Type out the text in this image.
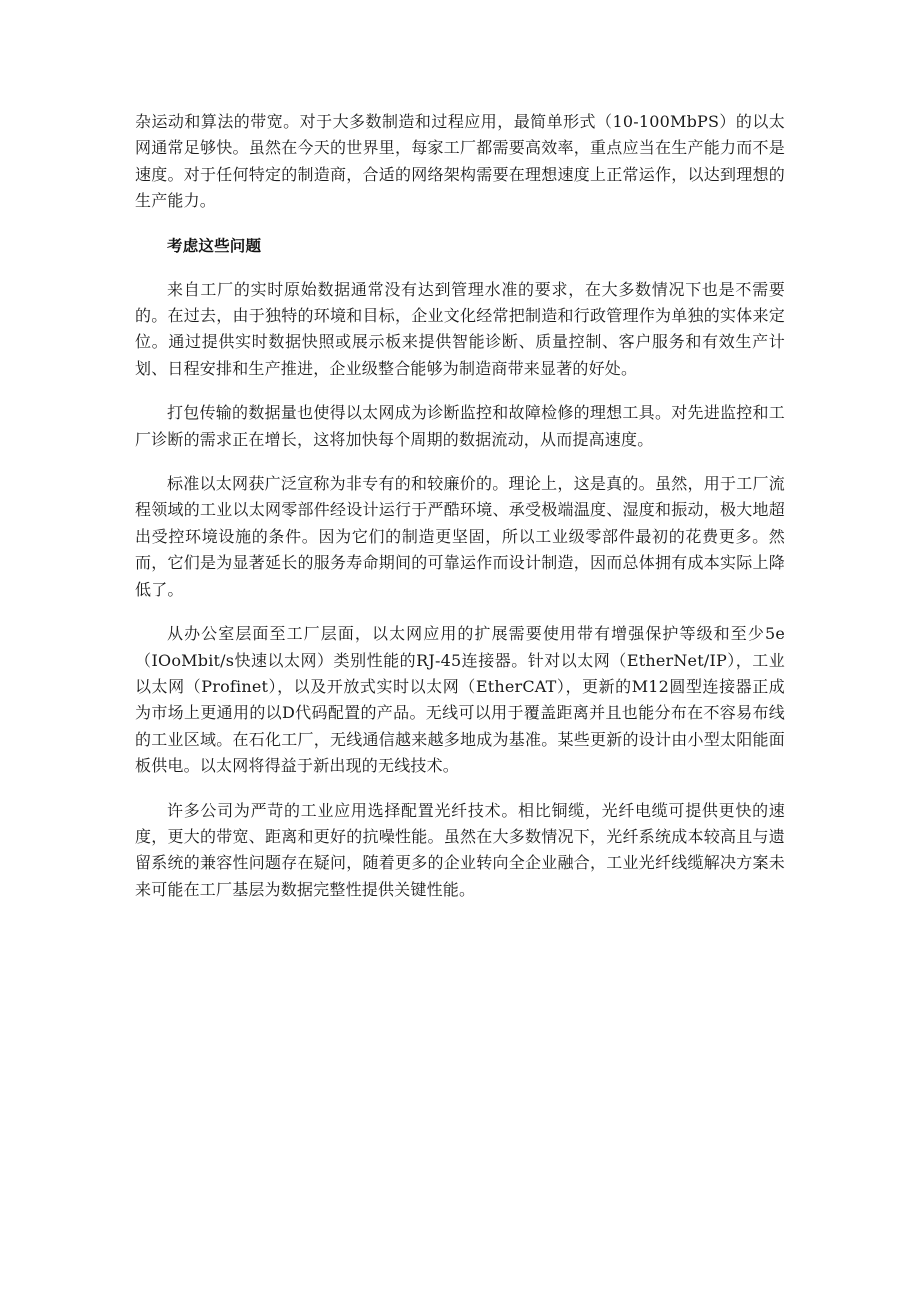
杂运动和算法的带宽。对于大多数制造和过程应用，最简单形式（10-100MbPS）的以太网通常足够快。虽然在今天的世界里，每家工厂都需要高效率，重点应当在生产能力而不是速度。对于任何特定的制造商，合适的网络架构需要在理想速度上正常运作，以达到理想的生产能力。

考虑这些问题

来自工厂的实时原始数据通常没有达到管理水准的要求，在大多数情况下也是不需要的。在过去，由于独特的环境和目标，企业文化经常把制造和行政管理作为单独的实体来定位。通过提供实时数据快照或展示板来提供智能诊断、质量控制、客户服务和有效生产计划、日程安排和生产推进，企业级整合能够为制造商带来显著的好处。

打包传输的数据量也使得以太网成为诊断监控和故障检修的理想工具。对先进监控和工厂诊断的需求正在增长，这将加快每个周期的数据流动，从而提高速度。

标准以太网获广泛宣称为非专有的和较廉价的。理论上，这是真的。虽然，用于工厂流程领域的工业以太网零部件经设计运行于严酷环境、承受极端温度、湿度和振动，极大地超出受控环境设施的条件。因为它们的制造更坚固，所以工业级零部件最初的花费更多。然而，它们是为显著延长的服务寿命期间的可靠运作而设计制造，因而总体拥有成本实际上降低了。

从办公室层面至工厂层面，以太网应用的扩展需要使用带有增强保护等级和至少5e（IOoMbit/s快速以太网）类别性能的RJ-45连接器。针对以太网（EtherNet/IP），工业以太网（Profinet），以及开放式实时以太网（EtherCAT），更新的M12圆型连接器正成为市场上更通用的以D代码配置的产品。无线可以用于覆盖距离并且也能分布在不容易布线的工业区域。在石化工厂，无线通信越来越多地成为基准。某些更新的设计由小型太阳能面板供电。以太网将得益于新出现的无线技术。

许多公司为严苛的工业应用选择配置光纤技术。相比铜缆，光纤电缆可提供更快的速度，更大的带宽、距离和更好的抗噪性能。虽然在大多数情况下，光纤系统成本较高且与遗留系统的兼容性问题存在疑问，随着更多的企业转向全企业融合，工业光纤线缆解决方案未来可能在工厂基层为数据完整性提供关键性能。
